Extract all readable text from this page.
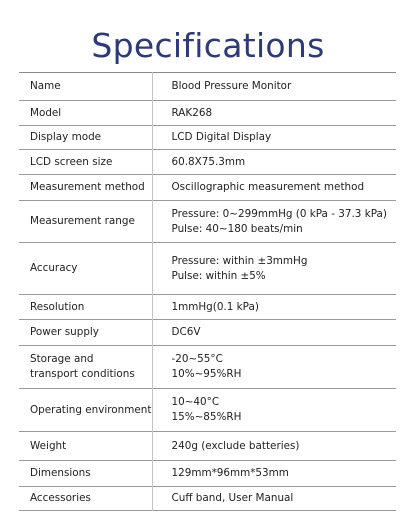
Specifications
Name	Blood Pressure Monitor

Model	RAK268

Display mode	LCD Digital Display

LCD screen size	60.8X75.3mm

Measurement method	Oscillographic measurement method

Measurement range	Pressure: 0~299mmHg (0 kPa - 37.3 kPa)
Pulse: 40~180 beats/min

Accuracy	Pressure: within ±3mmHg
Pulse: within ±5%

Resolution	1mmHg(0.1 kPa)

Power supply	DC6V

Storage and
transport conditions	-20~55°C
10%~95%RH

Operating environment	10~40°C
15%~85%RH

Weight	240g (exclude batteries)

Dimensions	129mm*96mm*53mm

Accessories	Cuff band, User Manual
